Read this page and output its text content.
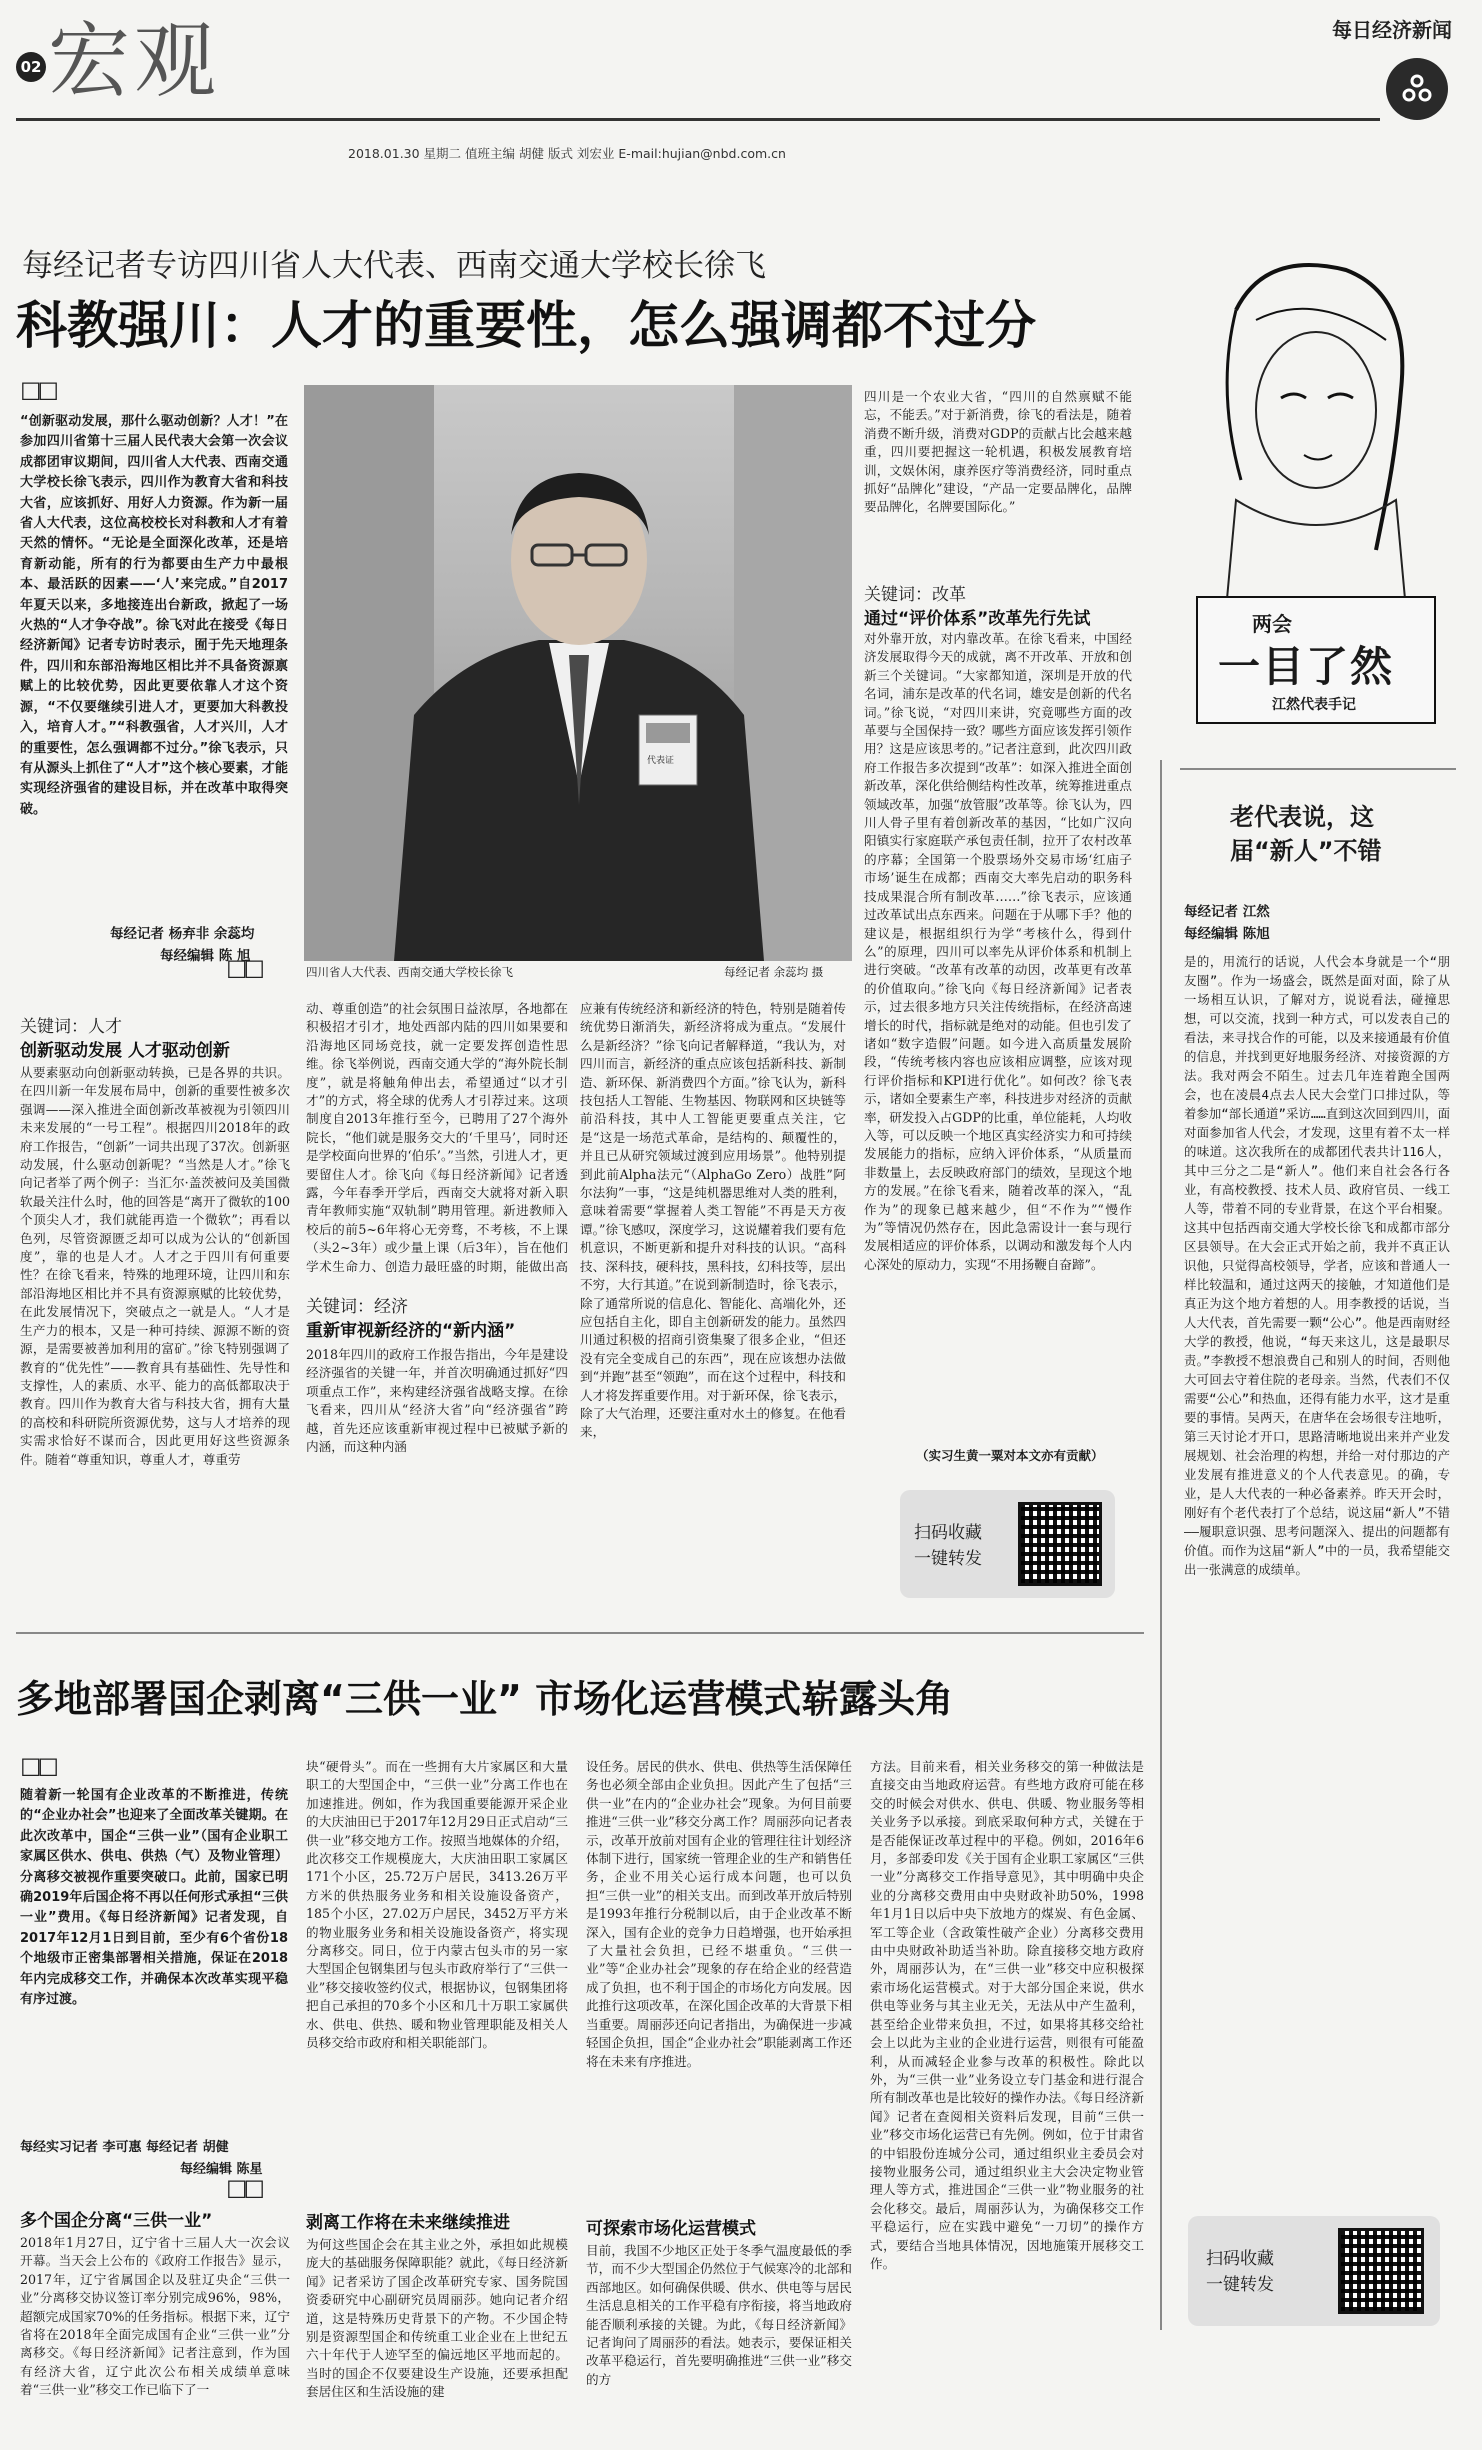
02 宏观	每日经济新闻
2018.01.30 星期二 值班主编 胡健 版式 刘宏业 E-mail:hujian@nbd.com.cn
每经记者专访四川省人大代表、西南交通大学校长徐飞
科教强川：人才的重要性，怎么强调都不过分
☐☐
“创新驱动发展，那什么驱动创新？人才！”在参加四川省第十三届人民代表大会第一次会议成都团审议期间，四川省人大代表、西南交通大学校长徐飞表示，四川作为教育大省和科技大省，应该抓好、用好人力资源。作为新一届省人大代表，这位高校校长对科教和人才有着天然的情怀。“无论是全面深化改革，还是培育新动能，所有的行为都要由生产力中最根本、最活跃的因素——‘人’来完成。”自2017年夏天以来，多地接连出台新政，掀起了一场火热的“人才争夺战”。徐飞对此在接受《每日经济新闻》记者专访时表示，囿于先天地理条件，四川和东部沿海地区相比并不具备资源禀赋上的比较优势，因此更要依靠人才这个资源，“不仅要继续引进人才，更要加大科教投入，培育人才。”“科教强省，人才兴川，人才的重要性，怎么强调都不过分。”徐飞表示，只有从源头上抓住了“人才”这个核心要素，才能实现经济强省的建设目标，并在改革中取得突破。
每经记者 杨弃非 余蕊均
每经编辑 陈 旭
代表证
四川省人大代表、西南交通大学校长徐飞	每经记者 余蕊均 摄
☐☐
关键词：人才
创新驱动发展 人才驱动创新
从要素驱动向创新驱动转换，已是各界的共识。在四川新一年发展布局中，创新的重要性被多次强调——深入推进全面创新改革被视为引领四川未来发展的“一号工程”。根据四川2018年的政府工作报告，“创新”一词共出现了37次。创新驱动发展，什么驱动创新呢？“当然是人才。”徐飞向记者举了两个例子：当汇尔·盖茨被问及美国微软最关注什么时，他的回答是“离开了微软的100个顶尖人才，我们就能再造一个微软”；再看以色列，尽管资源匮乏却可以成为公认的“创新国度”，靠的也是人才。人才之于四川有何重要性？在徐飞看来，特殊的地理环境，让四川和东部沿海地区相比并不具有资源禀赋的比较优势，在此发展情况下，突破点之一就是人。“人才是生产力的根本，又是一种可持续、源源不断的资源，是需要被善加利用的富矿。”徐飞特别强调了教育的“优先性”——教育具有基础性、先导性和支撑性，人的素质、水平、能力的高低都取决于教育。四川作为教育大省与科技大省，拥有大量的高校和科研院所资源优势，这与人才培养的现实需求恰好不谋而合，因此更用好这些资源条件。随着“尊重知识，尊重人才，尊重劳
动、尊重创造”的社会氛围日益浓厚，各地都在积极招才引才，地处西部内陆的四川如果要和沿海地区同场竞技，就一定要发挥创造性思维。徐飞举例说，西南交通大学的“海外院长制度”，就是将触角伸出去，希望通过“以才引才”的方式，将全球的优秀人才引荐过来。这项制度自2013年推行至今，已聘用了27个海外院长，“他们就是服务交大的‘千里马’，同时还是学校面向世界的‘伯乐’。”当然，引进人才，更要留住人才。徐飞向《每日经济新闻》记者透露，今年春季开学后，西南交大就将对新入职青年教师实施“双轨制”聘用管理。新进教师入校后的前5~6年将心无旁骛，不考核，不上课（头2~3年）或少量上课（后3年），旨在他们学术生命力、创造力最旺盛的时期，能做出高
关键词：经济
重新审视新经济的“新内涵”
2018年四川的政府工作报告指出，今年是建设经济强省的关键一年，并首次明确通过抓好“四项重点工作”，来构建经济强省战略支撑。在徐飞看来，四川从“经济大省”向“经济强省”跨越，首先还应该重新审视过程中已被赋予新的内涵，而这种内涵
应兼有传统经济和新经济的特色，特别是随着传统优势日渐消失，新经济将成为重点。“发展什么是新经济？”徐飞向记者解释道，“我认为，对四川而言，新经济的重点应该包括新科技、新制造、新环保、新消费四个方面。”徐飞认为，新科技包括人工智能、生物基因、物联网和区块链等前沿科技，其中人工智能更要重点关注，它是“这是一场范式革命，是结构的、颠覆性的，并且已从研究领域过渡到应用场景”。他特别提到此前Alpha法元“（AlphaGo Zero）战胜”阿尔法狗”一事，“这是纯机器思维对人类的胜利，意味着需要“掌握着人类工智能”不再是天方夜谭。”徐飞感叹，深度学习，这说耀着我们要有危机意识，不断更新和提升对科技的认识。“高科技、深科技，硬科技，黑科技，幻科技等，层出不穷，大行其道。”在说到新制造时，徐飞表示，除了通常所说的信息化、智能化、高端化外，还应包括自主化，即自主创新研发的能力。虽然四川通过积极的招商引资集聚了很多企业，“但还没有完全变成自己的东西”，现在应该想办法做到“并跑”甚至“领跑”，而在这个过程中，科技和人才将发挥重要作用。对于新环保，徐飞表示，除了大气治理，还要注重对水土的修复。在他看来，
四川是一个农业大省，“四川的自然禀赋不能忘，不能丢。”对于新消费，徐飞的看法是，随着消费不断升级，消费对GDP的贡献占比会越来越重，四川要把握这一轮机遇，积极发展教育培训，文娱休闲，康养医疗等消费经济，同时重点抓好“品牌化”建设，“产品一定要品牌化，品牌要品牌化，名牌要国际化。”
关键词：改革
通过“评价体系”改革先行先试
对外靠开放，对内靠改革。在徐飞看来，中国经济发展取得今天的成就，离不开改革、开放和创新三个关键词。“大家都知道，深圳是开放的代名词，浦东是改革的代名词，雄安是创新的代名词。”徐飞说，“对四川来讲，究竟哪些方面的改革要与全国保持一致？哪些方面应该发挥引领作用？这是应该思考的。”记者注意到，此次四川政府工作报告多次提到“改革”：如深入推进全面创新改革，深化供给侧结构性改革，统筹推进重点领域改革，加强“放管服”改革等。徐飞认为，四川人骨子里有着创新改革的基因，“比如广汉向阳镇实行家庭联产承包责任制，拉开了农村改革的序幕；全国第一个股票场外交易市场‘红庙子市场’诞生在成都；西南交大率先启动的职务科技成果混合所有制改革……”徐飞表示，应该通过改革试出点东西来。问题在于从哪下手？他的建议是，根据组织行为学“考核什么，得到什么”的原理，四川可以率先从评价体系和机制上进行突破。“改革有改革的动因，改革更有改革的价值取向。”徐飞向《每日经济新闻》记者表示，过去很多地方只关注传统指标，在经济高速增长的时代，指标就是绝对的动能。但也引发了诸如“数字造假”问题。如今进入高质量发展阶段，“传统考核内容也应该相应调整，应该对现行评价指标和KPI进行优化”。如何改？徐飞表示，诸如全要素生产率，科技进步对经济的贡献率，研发投入占GDP的比重，单位能耗，人均收入等，可以反映一个地区真实经济实力和可持续发展能力的指标，应纳入评价体系，“从质量而非数量上，去反映政府部门的绩效，呈现这个地方的发展。”在徐飞看来，随着改革的深入，“乱作为”的现象已越来越少，但“不作为”“慢作为”等情况仍然存在，因此急需设计一套与现行发展相适应的评价体系，以调动和激发每个人内心深处的原动力，实现“不用扬鞭自奋蹄”。
（实习生黄一粟对本文亦有贡献）
扫码收藏
一键转发
两会
一目了然
江然代表手记
老代表说，这届“新人”不错
每经记者 江然
每经编辑 陈旭
是的，用流行的话说，人代会本身就是一个“朋友圈”。作为一场盛会，既然是面对面，除了从一场相互认识，了解对方，说说看法，碰撞思想，可以交流，找到一种方式，可以发表自己的看法，来寻找合作的可能，以及来接通最有价值的信息，并找到更好地服务经济、对接资源的方法。我对两会不陌生。过去几年连着跑全国两会，也在凌晨4点去人民大会堂门口排过队，等着参加“部长通道”采访……直到这次回到四川，面对面参加省人代会，才发现，这里有着不太一样的味道。这次我所在的成都团代表共计116人，其中三分之二是“新人”。他们来自社会各行各业，有高校教授、技术人员、政府官员、一线工人等，带着不同的专业背景，在这个平台相聚。这其中包括西南交通大学校长徐飞和成都市部分区县领导。在大会正式开始之前，我并不真正认识他，只觉得高校领导，学者，应该和普通人一样比较温和，通过这两天的接触，才知道他们是真正为这个地方着想的人。用李教授的话说，当人大代表，首先需要一颗“公心”。他是西南财经大学的教授，他说，“每天来这儿，这是最职尽责。”李教授不想浪费自己和别人的时间，否则他大可回去守着住院的老母亲。当然，代表们不仅需要“公心”和热血，还得有能力水平，这才是重要的事情。吴两天，在唐华在会场很专注地听，第三天讨论才开口，思路清晰地说出来并产业发展规划、社会治理的构想，并给一对付那边的产业发展有推进意义的个人代表意见。的确，专业，是人大代表的一种必备素养。昨天开会时，刚好有个老代表打了个总结，说这届“新人”不错——履职意识强、思考问题深入、提出的问题都有价值。而作为这届“新人”中的一员，我希望能交出一张满意的成绩单。
扫码收藏
一键转发
多地部署国企剥离“三供一业” 市场化运营模式崭露头角
☐☐
随着新一轮国有企业改革的不断推进，传统的“企业办社会”也迎来了全面改革关键期。在此次改革中，国企“三供一业”（国有企业职工家属区供水、供电、供热（气）及物业管理）分离移交被视作重要突破口。此前，国家已明确2019年后国企将不再以任何形式承担“三供一业”费用。《每日经济新闻》记者发现，自2017年12月1日到目前，至少有6个省份18个地级市正密集部署相关措施，保证在2018年内完成移交工作，并确保本次改革实现平稳有序过渡。
每经实习记者 李可惠 每经记者 胡健
每经编辑 陈星
☐☐
多个国企分离“三供一业”
2018年1月27日，辽宁省十三届人大一次会议开幕。当天会上公布的《政府工作报告》显示，2017年，辽宁省属国企以及驻辽央企“三供一业”分离移交协议签订率分别完成96%，98%，超额完成国家70%的任务指标。根据下来，辽宁省将在2018年全面完成国有企业“三供一业”分离移交。《每日经济新闻》记者注意到，作为国有经济大省，辽宁此次公布相关成绩单意味着“三供一业”移交工作已临下了一
块“硬骨头”。而在一些拥有大片家属区和大量职工的大型国企中，“三供一业”分离工作也在加速推进。例如，作为我国重要能源开采企业的大庆油田已于2017年12月29日正式启动“三供一业”移交地方工作。按照当地媒体的介绍，此次移交工作规模庞大，大庆油田职工家属区171个小区，25.72万户居民，3413.26万平方米的供热服务业务和相关设施设备资产，185个小区，27.02万户居民，3452万平方米的物业服务业务和相关设施设备资产，将实现分离移交。同日，位于内蒙古包头市的另一家大型国企包钢集团与包头市政府举行了“三供一业”移交接收签约仪式，根据协议，包钢集团将把自己承担的70多个小区和几十万职工家属供水、供电、供热、暖和物业管理职能及相关人员移交给市政府和相关职能部门。
剥离工作将在未来继续推进
为何这些国企会在其主业之外，承担如此规模庞大的基础服务保障职能？就此，《每日经济新闻》记者采访了国企改革研究专家、国务院国资委研究中心副研究员周丽莎。她向记者介绍道，这是特殊历史背景下的产物。不少国企特别是资源型国企和传统重工业企业在上世纪五六十年代于人迹罕至的偏远地区平地而起的。当时的国企不仅要建设生产设施，还要承担配套居住区和生活设施的建
设任务。居民的供水、供电、供热等生活保障任务也必须全部由企业负担。因此产生了包括“三供一业”在内的“企业办社会”现象。为何目前要推进“三供一业”移交分离工作？周丽莎向记者表示，改革开放前对国有企业的管理往往计划经济体制下进行，国家统一管理企业的生产和销售任务，企业不用关心运行成本问题，也可以负担“三供一业”的相关支出。而到改革开放后特别是1993年推行分税制以后，由于企业改革不断深入，国有企业的竞争力日趋增强，也开始承担了大量社会负担，已经不堪重负。“三供一业”等“企业办社会”现象的存在给企业的经营造成了负担，也不利于国企的市场化方向发展。因此推行这项改革，在深化国企改革的大背景下相当重要。周丽莎还向记者指出，为确保进一步减轻国企负担，国企“企业办社会”职能剥离工作还将在未来有序推进。
可探索市场化运营模式
目前，我国不少地区正处于冬季气温度最低的季节，而不少大型国企仍然位于气候寒冷的北部和西部地区。如何确保供暖、供水、供电等与居民生活息息相关的工作平稳有序衔接，将当地政府能否顺利承接的关键。为此，《每日经济新闻》记者询问了周丽莎的看法。她表示，要保证相关改革平稳运行，首先要明确推进“三供一业”移交的方
方法。目前来看，相关业务移交的第一种做法是直接交由当地政府运营。有些地方政府可能在移交的时候会对供水、供电、供暖、物业服务等相关业务予以承接。到底采取何种方式，关键在于是否能保证改革过程中的平稳。例如，2016年6月，多部委印发《关于国有企业职工家属区“三供一业”分离移交工作指导意见》，其中明确中央企业的分离移交费用由中央财政补助50%，1998年1月1日以后中央下放地方的煤炭、有色金属、军工等企业（含政策性破产企业）分离移交费用由中央财政补助适当补助。除直接移交地方政府外，周丽莎认为，在“三供一业”移交中应积极探索市场化运营模式。对于大部分国企来说，供水供电等业务与其主业无关，无法从中产生盈利，甚至给企业带来负担，不过，如果将其移交给社会上以此为主业的企业进行运营，则很有可能盈利，从而减轻企业参与改革的积极性。除此以外，为“三供一业”业务设立专门基金和进行混合所有制改革也是比较好的操作办法。《每日经济新闻》记者在查阅相关资料后发现，目前“三供一业”移交市场化运营已有先例。例如，位于甘肃省的中铝股份连城分公司，通过组织业主委员会对接物业服务公司，通过组织业主大会决定物业管理人等方式，推进国企“三供一业”物业服务的社会化移交。最后，周丽莎认为，为确保移交工作平稳运行，应在实践中避免“一刀切”的操作方式，要结合当地具体情况，因地施策开展移交工作。
